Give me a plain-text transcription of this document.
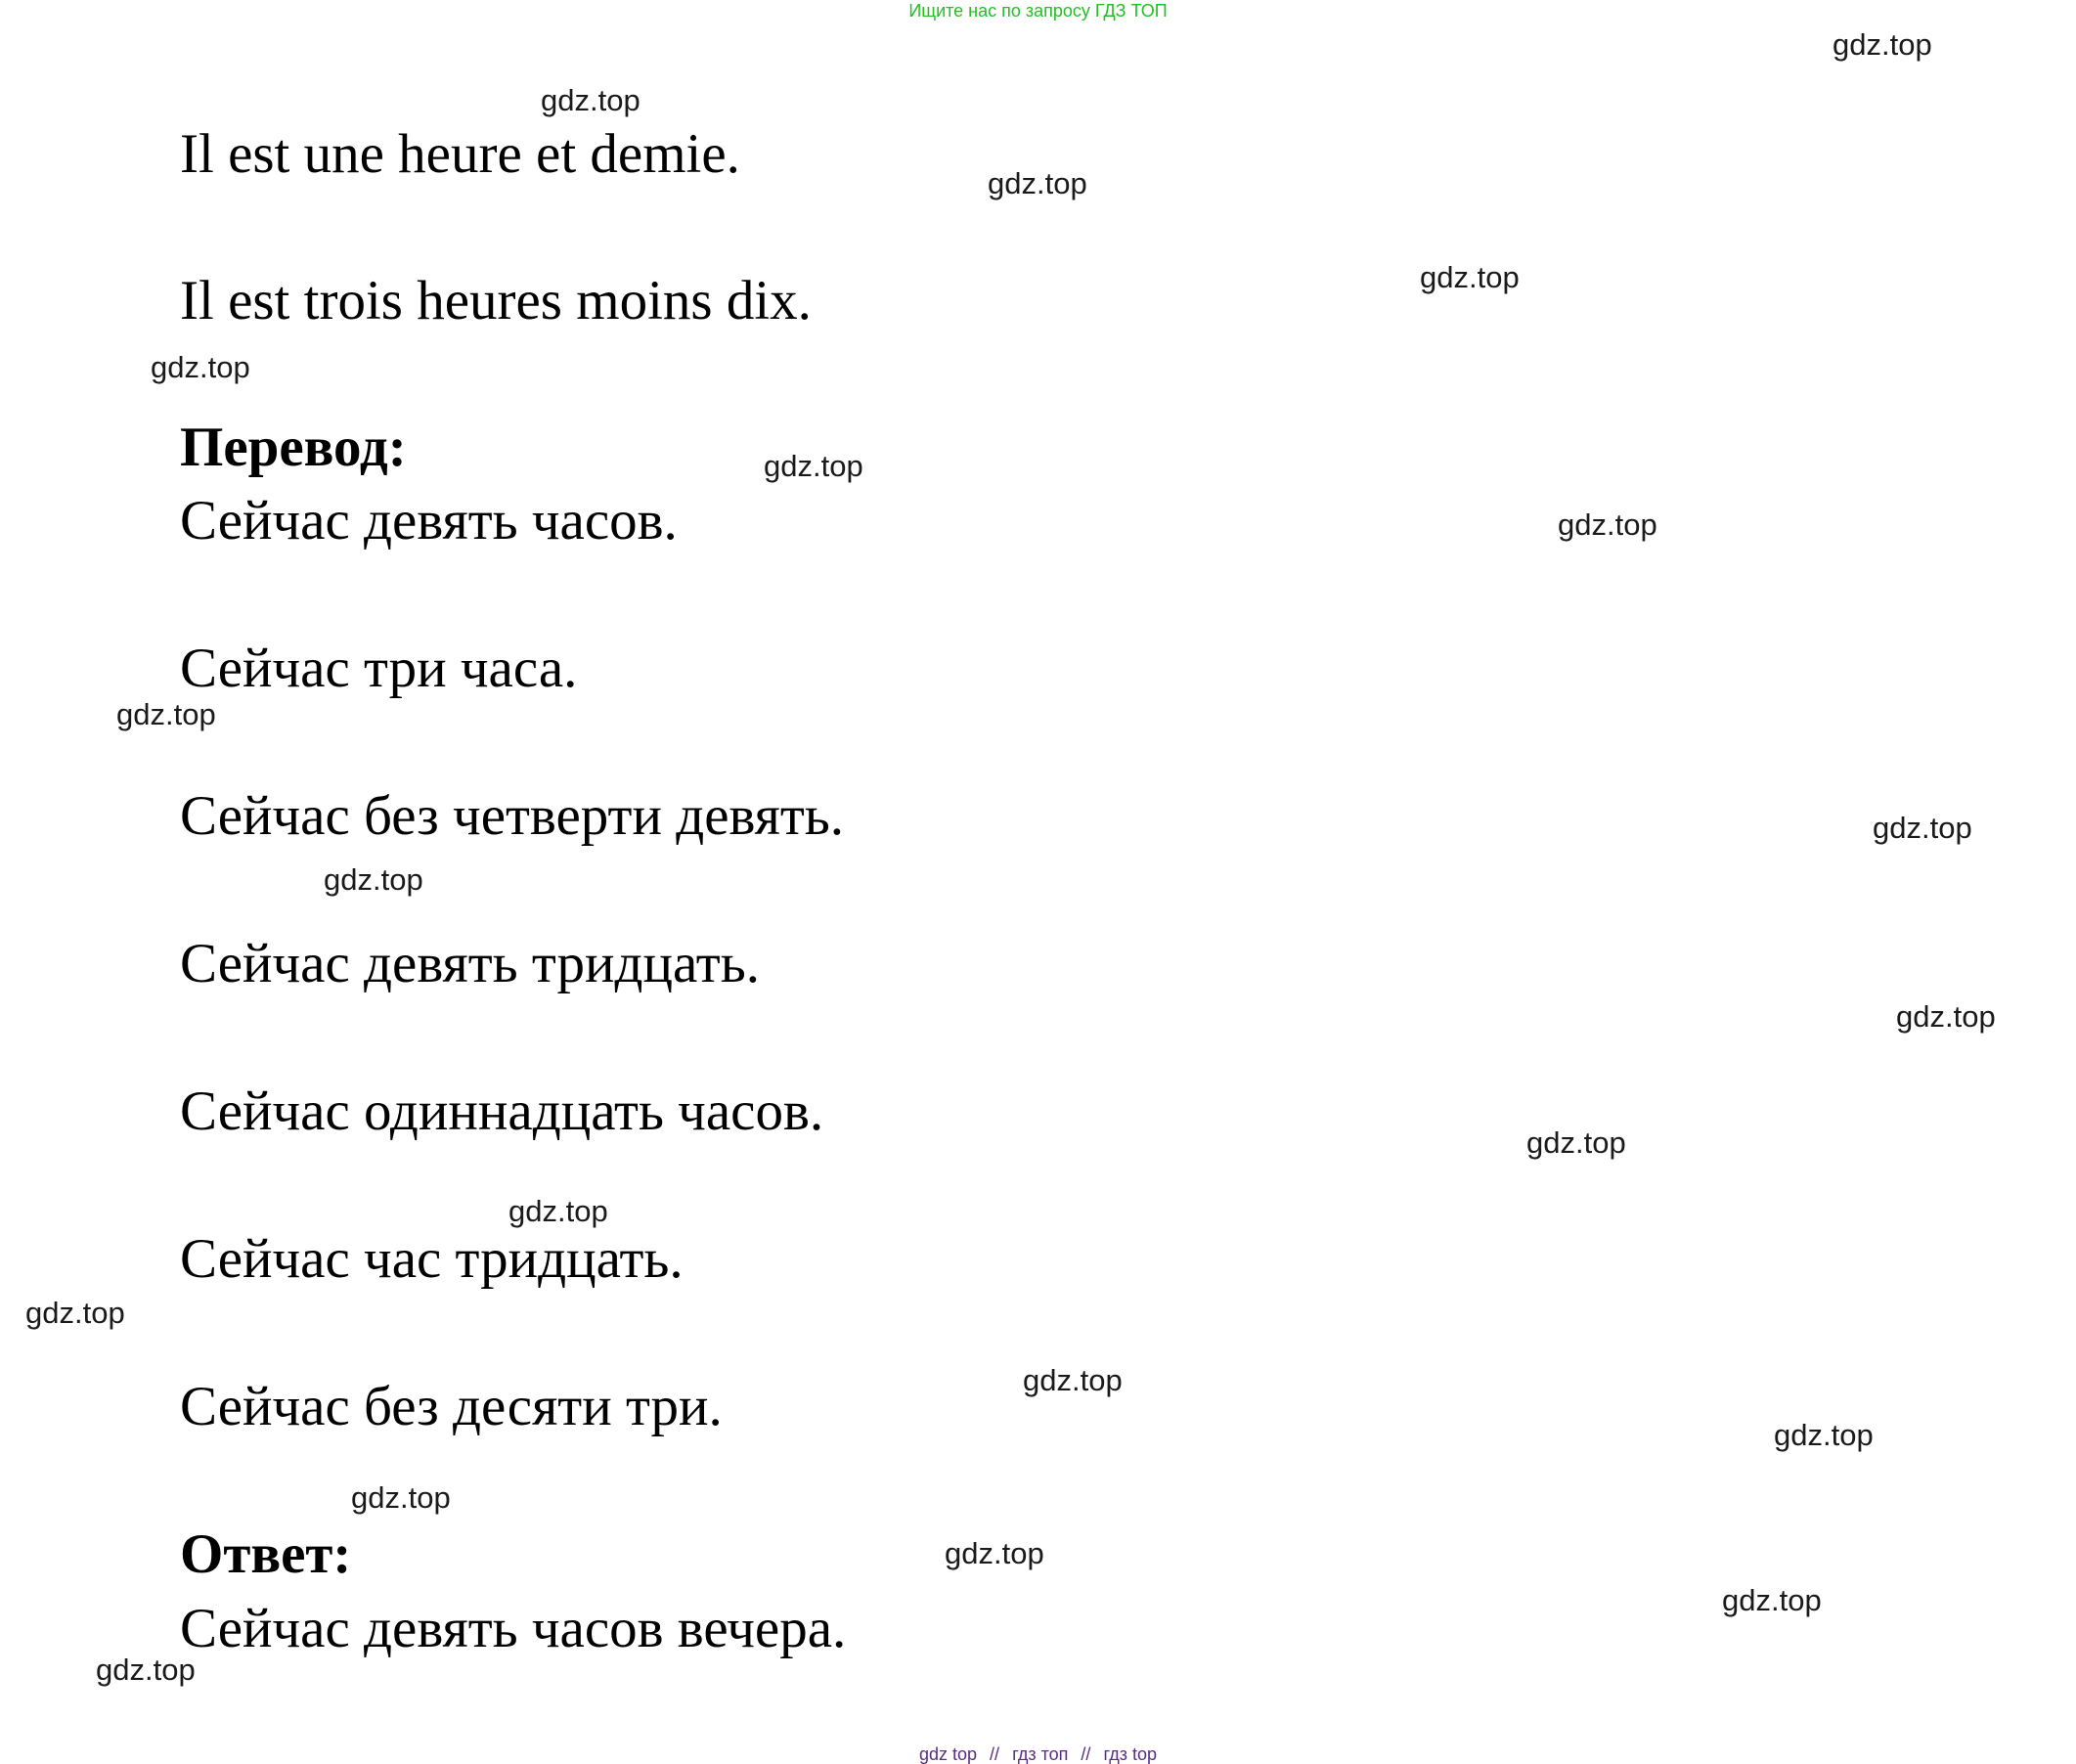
Ищите нас по запросу ГДЗ ТОП
Il est une heure et demie.
Il est trois heures moins dix.
Перевод:
Сейчас девять часов.
Сейчас три часа.
Сейчас без четверти девять.
Сейчас девять тридцать.
Сейчас одиннадцать часов.
Сейчас час тридцать.
Сейчас без десяти три.
Ответ:
Сейчас девять часов вечера.
gdz.top
gdz.top
gdz.top
gdz.top
gdz.top
gdz.top
gdz.top
gdz.top
gdz.top
gdz.top
gdz.top
gdz.top
gdz.top
gdz.top
gdz.top
gdz.top
gdz.top
gdz.top
gdz.top
gdz.top
gdz top // гдз топ // гдз top
